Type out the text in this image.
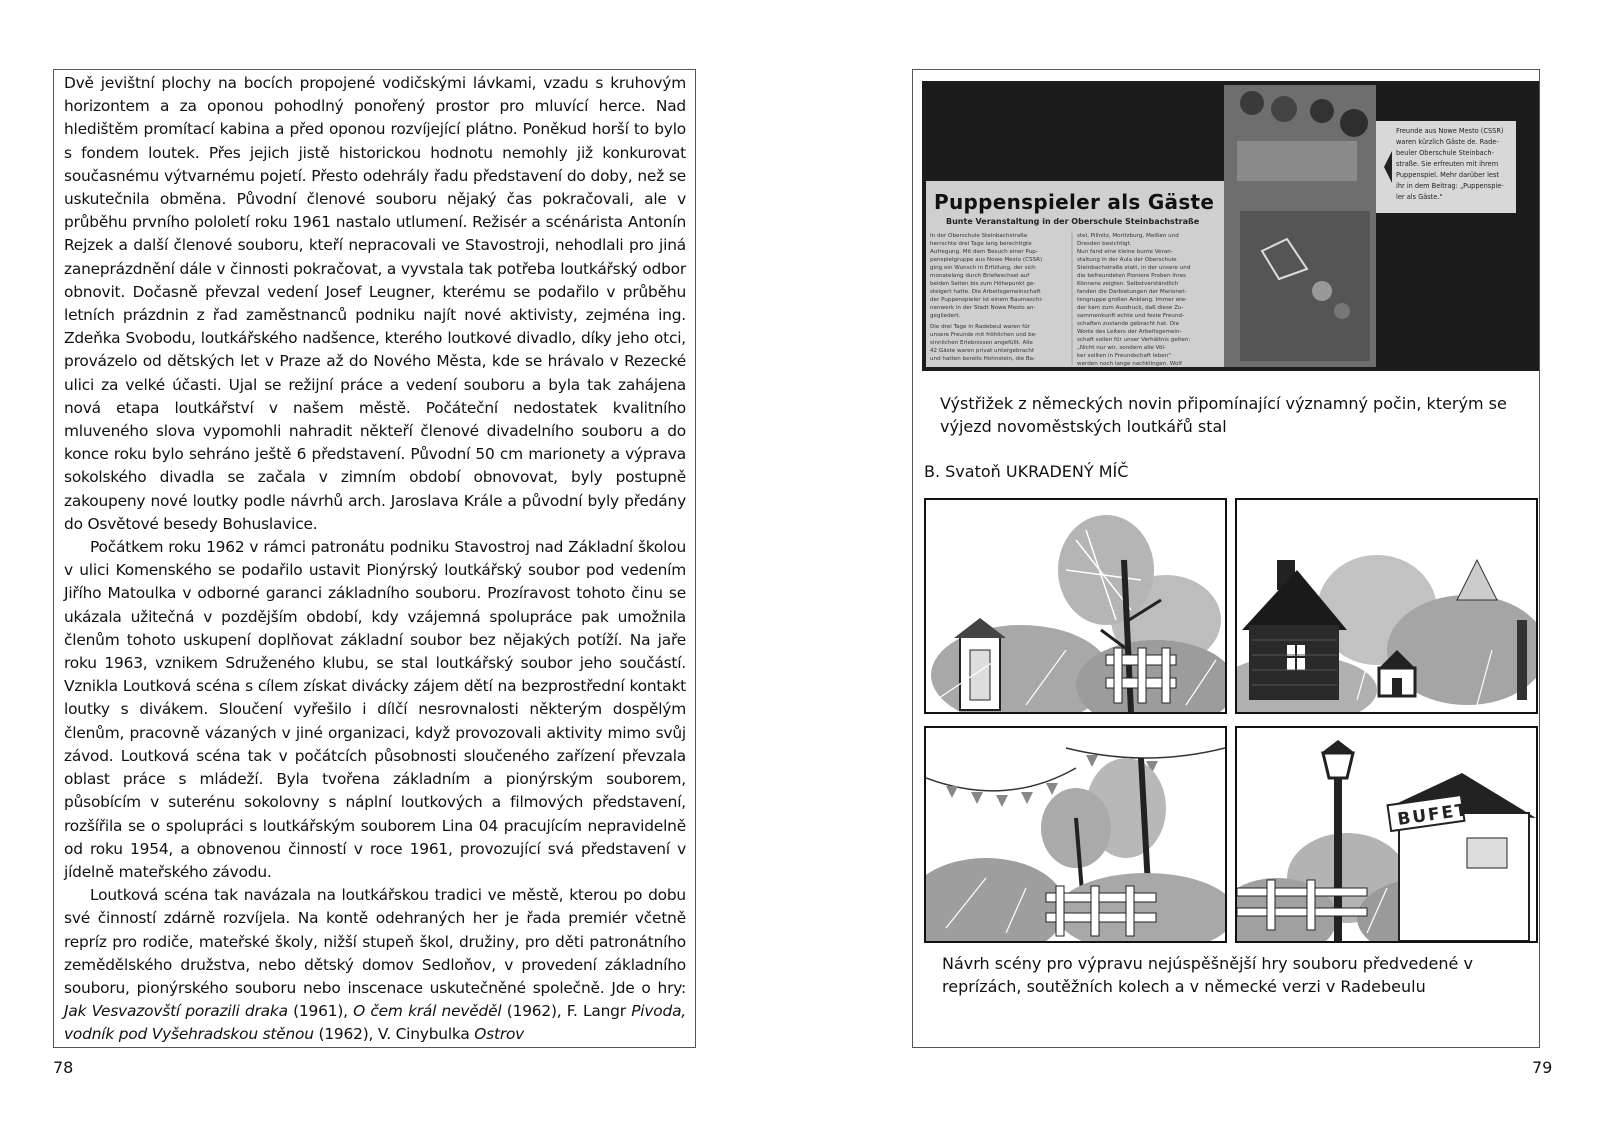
Dvě jevištní plochy na bocích propojené vodičskými lávkami, vzadu s kruhovým horizontem a za oponou pohodlný ponořený prostor pro mluvící herce. Nad hledištěm promítací kabina a před oponou rozvíjející plátno. Poněkud horší to bylo s fondem loutek. Přes jejich jistě historickou hodnotu nemohly již konkurovat současnému výtvarnému pojetí. Přesto odehrály řadu představení do doby, než se uskutečnila obměna. Původní členové souboru nějaký čas pokračovali, ale v průběhu prvního pololetí roku 1961 nastalo utlumení. Režisér a scénárista Antonín Rejzek a další členové souboru, kteří nepracovali ve Stavostroji, nehodlali pro jiná zaneprázdnění dále v činnosti pokračovat, a vyvstala tak potřeba loutkářský odbor obnovit. Dočasně převzal vedení Josef Leugner, kterému se podařilo v průběhu letních prázdnin z řad zaměstnanců podniku najít nové aktivisty, zejména ing. Zdeňka Svobodu, loutkářského nadšence, kterého loutkové divadlo, díky jeho otci, provázelo od dětských let v Praze až do Nového Města, kde se hrávalo v Rezecké ulici za velké účasti. Ujal se režijní práce a vedení souboru a byla tak zahájena nová etapa loutkářství v našem městě. Počáteční nedostatek kvalitního mluveného slova vypomohli nahradit někteří členové divadelního souboru a do konce roku bylo sehráno ještě 6 představení. Původní 50 cm marionety a výprava sokolského divadla se začala v zimním období obnovovat, byly postupně zakoupeny nové loutky podle návrhů arch. Jaroslava Krále a původní byly předány do Osvětové besedy Bohuslavice.

Počátkem roku 1962 v rámci patronátu podniku Stavostroj nad Základní školou v ulici Komenského se podařilo ustavit Pionýrský loutkářský soubor pod vedením Jiřího Matoulka v odborné garanci základního souboru. Prozíravost tohoto činu se ukázala užitečná v pozdějším období, kdy vzájemná spolupráce pak umožnila členům tohoto uskupení doplňovat základní soubor bez nějakých potíží. Na jaře roku 1963, vznikem Sdruženého klubu, se stal loutkářský soubor jeho součástí. Vznikla Loutková scéna s cílem získat divácky zájem dětí na bezprostřední kontakt loutky s divákem. Sloučení vyřešilo i dílčí nesrovnalosti některým dospělým členům, pracovně vázaných v jiné organizaci, když provozovali aktivity mimo svůj závod. Loutková scéna tak v počátcích působnosti sloučeného zařízení převzala oblast práce s mládeží. Byla tvořena základním a pionýrským souborem, působícím v suterénu sokolovny s náplní loutkových a filmových představení, rozšířila se o spolupráci s loutkářským souborem Lina 04 pracujícím nepravidelně od roku 1954, a obnovenou činností v roce 1961, provozující svá představení v jídelně mateřského závodu.

Loutková scéna tak navázala na loutkářskou tradici ve městě, kterou po dobu své činností zdárně rozvíjela. Na kontě odehraných her je řada premiér včetně repríz pro rodiče, mateřské školy, nižší stupeň škol, družiny, pro děti patronátního zemědělského družstva, nebo dětský domov Sedloňov, v provedení základního souboru, pionýrského souboru nebo inscenace uskutečněné společně. Jde o hry: Jak Vesvazovští porazili draka (1961), O čem král nevěděl (1962), F. Langr Pivoda, vodník pod Vyšehradskou stěnou (1962), V. Cinybulka Ostrov

78	79
Freunde aus Nowe Mesto (CSSR)
waren kürzlich Gäste de. Rade-
beuler Oberschule Steinbach-
straße. Sie erfreuten mit ihrem
Puppenspiel. Mehr darüber lest
ihr in dem Beitrag: „Puppenspie-
ler als Gäste."
Puppenspieler als Gäste
Bunte Veranstaltung in der Oberschule Steinbachstraße
In der Oberschule Steinbachstraße
herrschte drei Tage lang berechtigte
Aufregung. Mit dem Besuch einer Pup-
penspielgruppe aus Nowe Mesto (CSSR)
ging ein Wunsch in Erfüllung, der sich
monatelang durch Briefwechsel auf
beiden Seiten bis zum Höhepunkt ge-
steigert hatte. Die Arbeitsgemeinschaft
der Puppenspieler ist einem Baumaschi-
nenwerk in der Stadt Nowe Mesto an-
gegliedert.
Die drei Tage in Radebeul waren für
unsere Freunde mit fröhlichen und be-
sinnlichen Erlebnissen angefüllt. Alle
42 Gäste waren privat untergebracht
und hatten bereits Hohnstein, die Ba-
stei, Pillnitz, Moritzburg, Meißen und
Dresden besichtigt.
Nun fand eine kleine bunte Veran-
staltung in der Aula der Oberschule
Steinbachstraße statt, in der unsere und
die befreundeten Pioniere Proben ihres
Könnens zeigten. Selbstverständlich
fanden die Darbietungen der Marionet-
tengruppe großen Anklang. Immer wie-
der kam zum Ausdruck, daß diese Zu-
sammenkunft echte und feste Freund-
schaften zustande gebracht hat. Die
Worte des Leiters der Arbeitsgemein-
schaft sollen für unser Verhältnis gelten:
„Nicht nur wir, sondern alle Völ-
ker sollten in Freundschaft leben"
werden noch lange nachklingen. Wolf
Výstřižek z německých novin připomínající významný počin, kterým se výjezd novoměstských loutkářů stal
B. Svatoň UKRADENÝ MÍČ
BUFET
Návrh scény pro výpravu nejúspěšnější hry souboru předvedené v reprízách, soutěžních kolech a v německé verzi v Radebeulu
